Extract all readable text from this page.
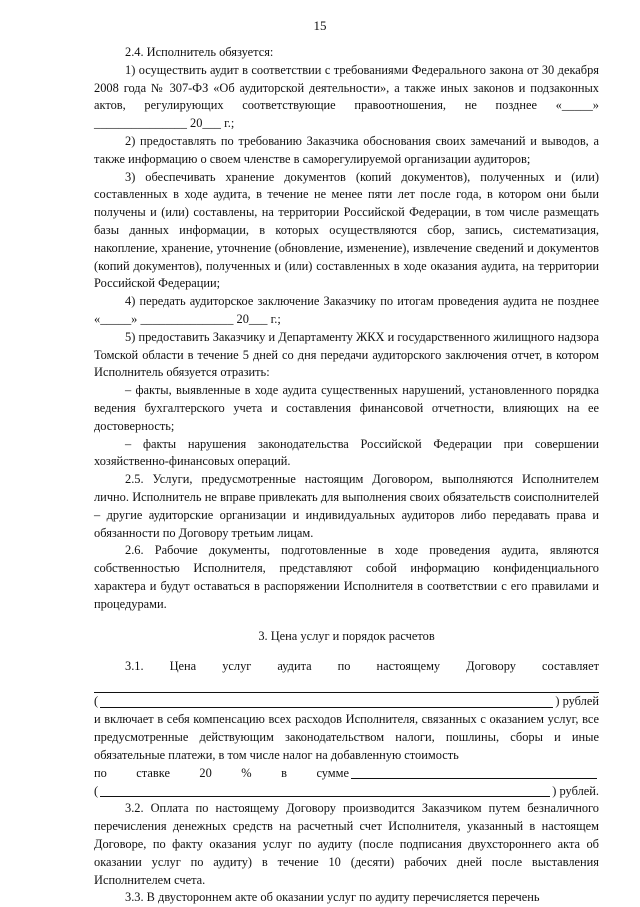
15

2.4. Исполнитель обязуется:

1) осуществить аудит в соответствии с требованиями Федерального закона от 30 декабря 2008 года № 307-ФЗ «Об аудиторской деятельности», а также иных законов и подзаконных актов, регулирующих соответствующие правоотношения, не позднее «_____» _______________ 20___ г.;

2) предоставлять по требованию Заказчика обоснования своих замечаний и выводов, а также информацию о своем членстве в саморегулируемой организации аудиторов;

3) обеспечивать хранение документов (копий документов), полученных и (или) составленных в ходе аудита, в течение не менее пяти лет после года, в котором они были получены и (или) составлены, на территории Российской Федерации, в том числе размещать базы данных информации, в которых осуществляются сбор, запись, систематизация, накопление, хранение, уточнение (обновление, изменение), извлечение сведений и документов (копий документов), полученных и (или) составленных в ходе оказания аудита, на территории Российской Федерации;

4) передать аудиторское заключение Заказчику по итогам проведения аудита не позднее «_____» _______________ 20___ г.;

5) предоставить Заказчику и Департаменту ЖКХ и государственного жилищного надзора Томской области в течение 5 дней со дня передачи аудиторского заключения отчет, в котором Исполнитель обязуется отразить:

– факты, выявленные в ходе аудита существенных нарушений, установленного порядка ведения бухгалтерского учета и составления финансовой отчетности, влияющих на ее достоверность;

– факты нарушения законодательства Российской Федерации при совершении хозяйственно-финансовых операций.

2.5. Услуги, предусмотренные настоящим Договором, выполняются Исполнителем лично. Исполнитель не вправе привлекать для выполнения своих обязательств соисполнителей – другие аудиторские организации и индивидуальных аудиторов либо передавать права и обязанности по Договору третьим лицам.

2.6. Рабочие документы, подготовленные в ходе проведения аудита, являются собственностью Исполнителя, представляют собой информацию конфиденциального характера и будут оставаться в распоряжении Исполнителя в соответствии с его правилами и процедурами.

3. Цена услуг и порядок расчетов

3.1. Цена услуг аудита по настоящему Договору составляет

(	) рублей

и включает в себя компенсацию всех расходов Исполнителя, связанных с оказанием услуг, все предусмотренные действующим законодательством налоги, пошлины, сборы и иные обязательные платежи, в том числе налог на добавленную стоимость

по ставке 20 % в сумме
(	) рублей.

3.2. Оплата по настоящему Договору производится Заказчиком путем безналичного перечисления денежных средств на расчетный счет Исполнителя, указанный в настоящем Договоре, по факту оказания услуг по аудиту (после подписания двухстороннего акта об оказании услуг по аудиту) в течение 10 (десяти) рабочих дней после выставления Исполнителем счета.

3.3. В двустороннем акте об оказании услуг по аудиту перечисляется перечень
